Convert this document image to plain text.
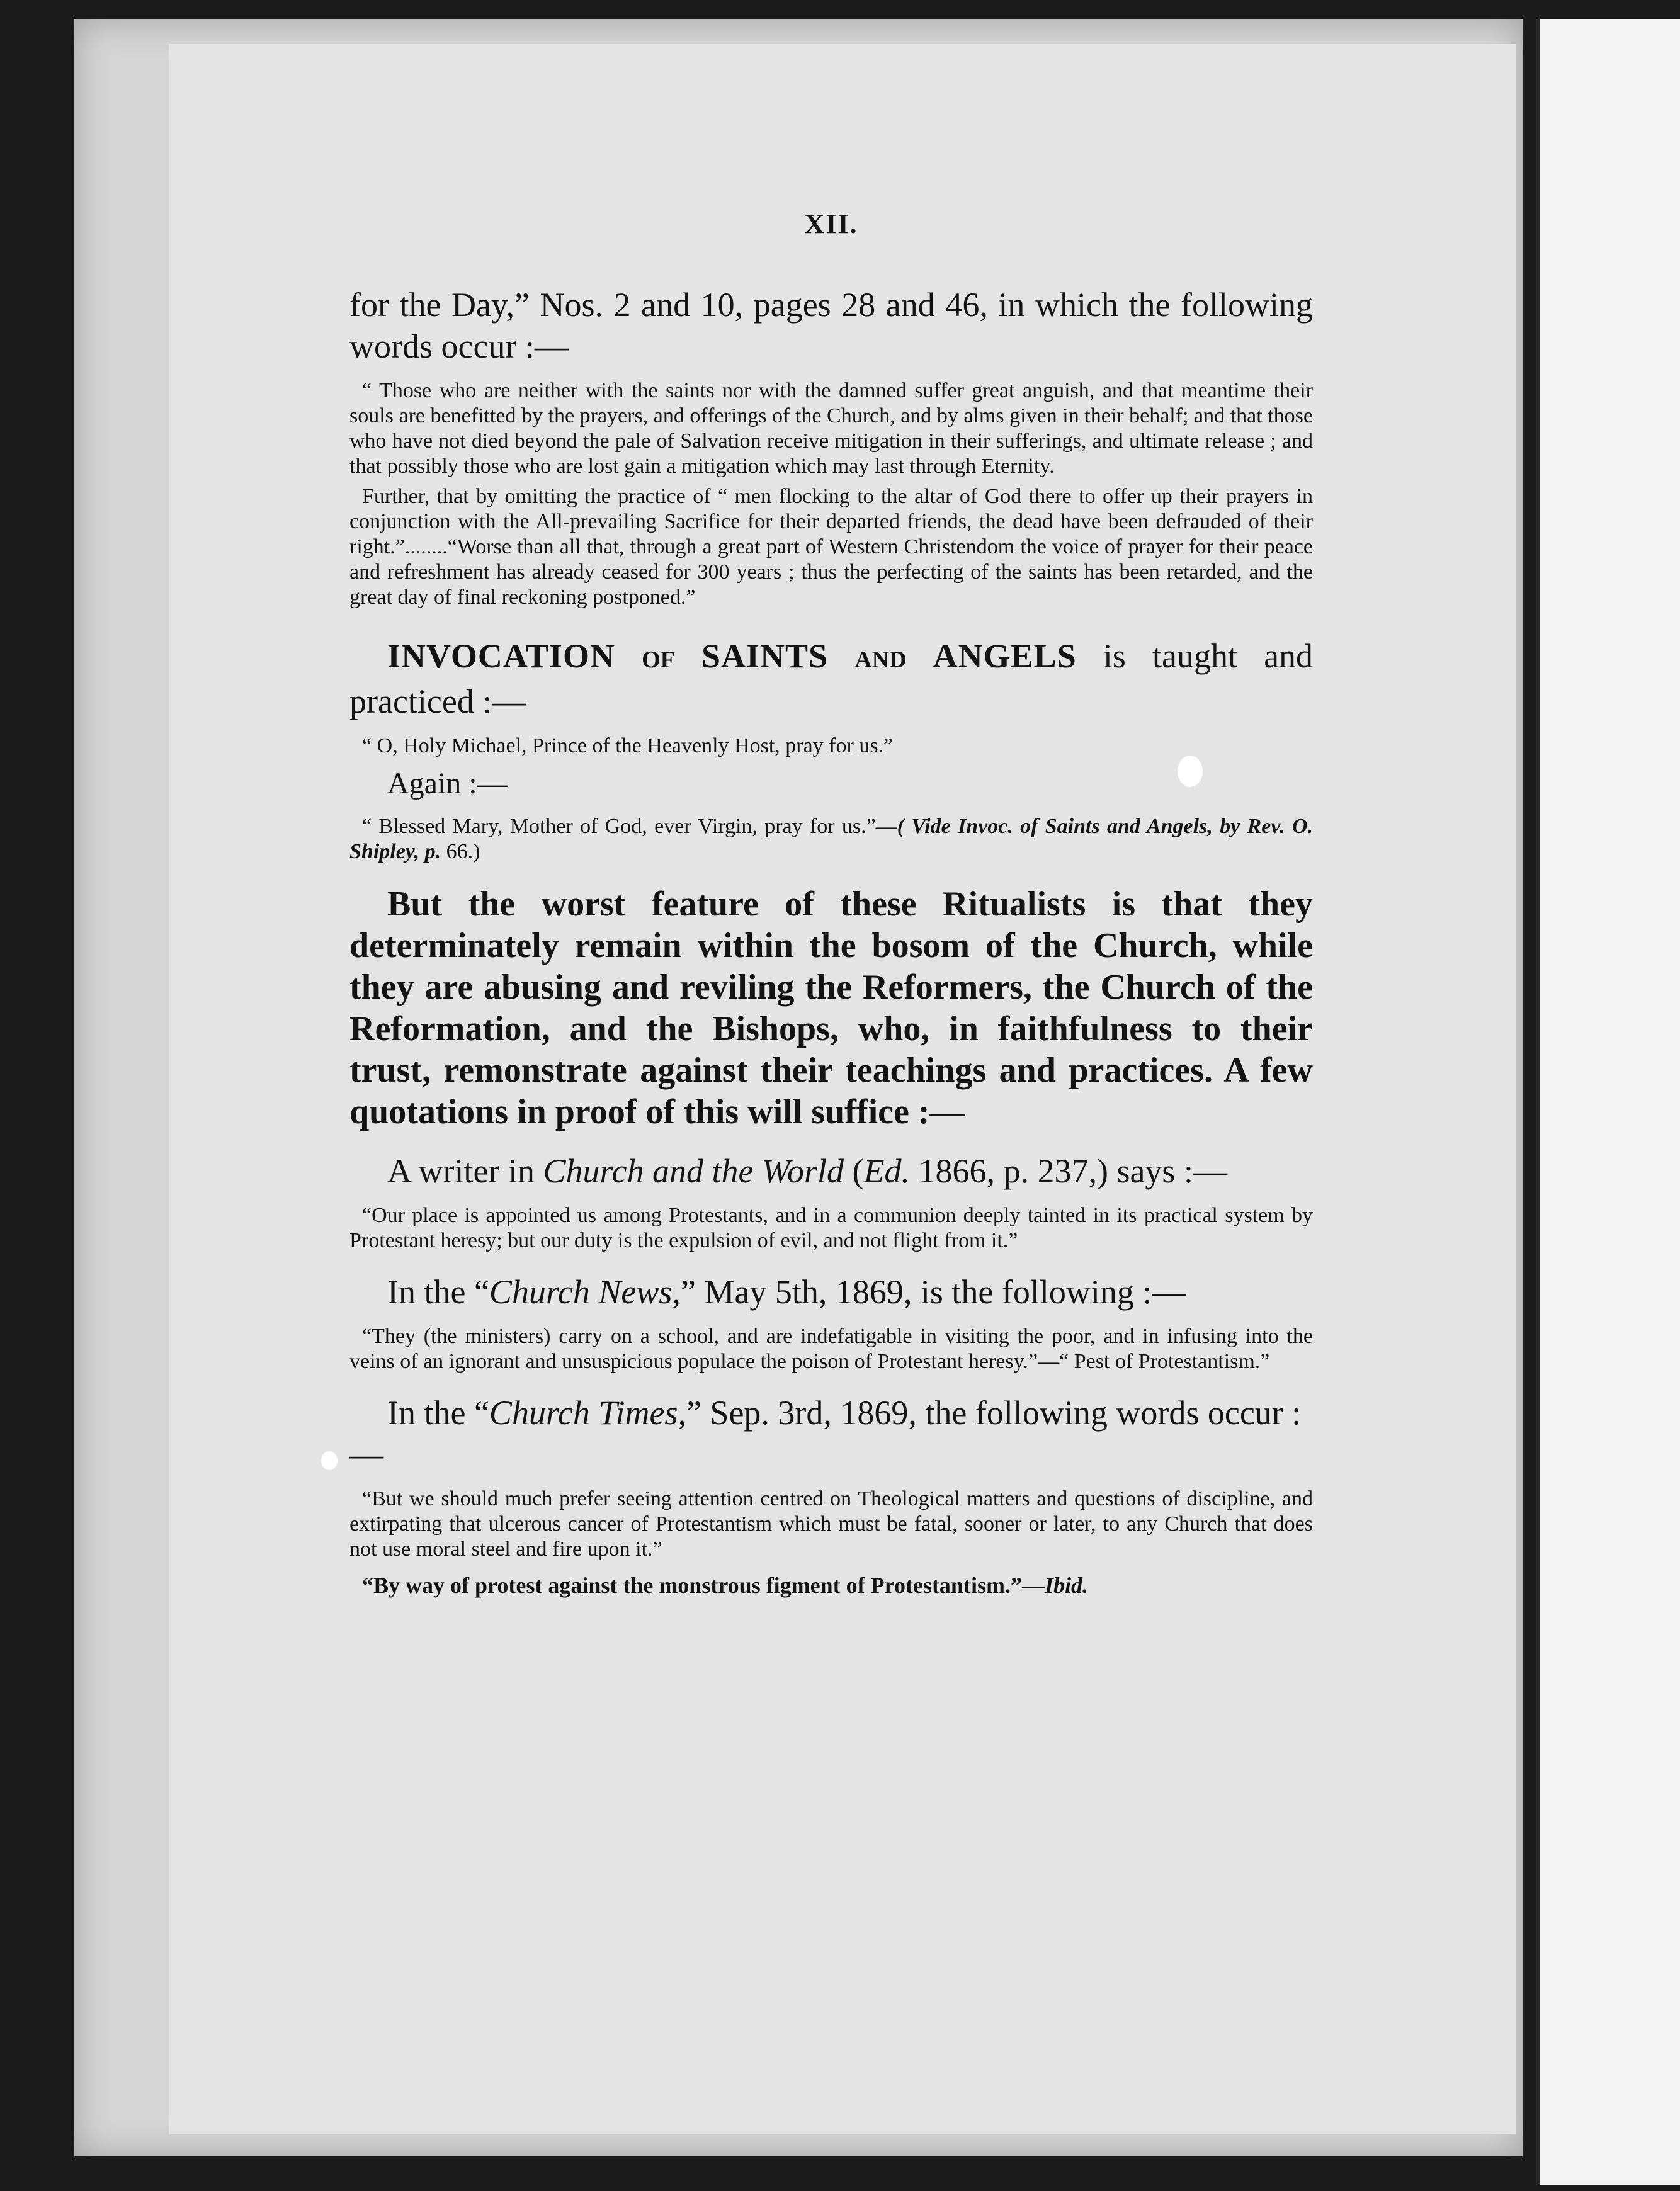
XII.

for the Day,” Nos. 2 and 10, pages 28 and 46, in which the following words occur :—

“ Those who are neither with the saints nor with the damned suffer great anguish, and that meantime their souls are benefitted by the prayers, and offerings of the Church, and by alms given in their behalf; and that those who have not died beyond the pale of Salvation receive mitigation in their sufferings, and ultimate release ; and that possibly those who are lost gain a mitigation which may last through Eternity.

Further, that by omitting the practice of “ men flocking to the altar of God there to offer up their prayers in conjunction with the All-prevailing Sacrifice for their departed friends, the dead have been defrauded of their right.”........“Worse than all that, through a great part of Western Christendom the voice of prayer for their peace and refreshment has already ceased for 300 years ; thus the perfecting of the saints has been retarded, and the great day of final reckoning postponed.”

INVOCATION OF SAINTS AND ANGELS is taught and practiced :—

“ O, Holy Michael, Prince of the Heavenly Host, pray for us.”

Again :—

“ Blessed Mary, Mother of God, ever Virgin, pray for us.”—( Vide Invoc. of Saints and Angels, by Rev. O. Shipley, p. 66.)

But the worst feature of these Ritualists is that they determinately remain within the bosom of the Church, while they are abusing and reviling the Reformers, the Church of the Reformation, and the Bishops, who, in faithfulness to their trust, remonstrate against their teachings and practices. A few quotations in proof of this will suffice :—

A writer in Church and the World (Ed. 1866, p. 237,) says :—

“Our place is appointed us among Protestants, and in a communion deeply tainted in its practical system by Protestant heresy; but our duty is the expulsion of evil, and not flight from it.”

In the “Church News,” May 5th, 1869, is the following :—

“They (the ministers) carry on a school, and are indefatigable in visiting the poor, and in infusing into the veins of an ignorant and unsuspicious populace the poison of Protestant heresy.”—“ Pest of Protestantism.”

In the “Church Times,” Sep. 3rd, 1869, the following words occur :—

“But we should much prefer seeing attention centred on Theological matters and questions of discipline, and extirpating that ulcerous cancer of Protestantism which must be fatal, sooner or later, to any Church that does not use moral steel and fire upon it.”

“By way of protest against the monstrous figment of Protestantism.”—Ibid.
